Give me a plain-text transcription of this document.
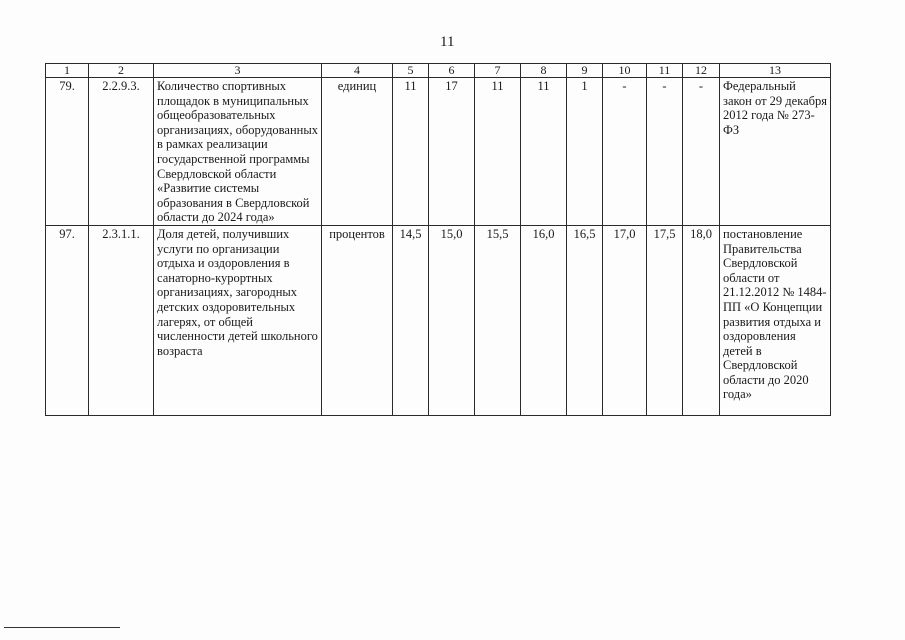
11
1	2	3	4	5	6	7	8	9	10	11	12	13
79.	2.2.9.3.	Количество спортивных площадок в муниципальных общеобразовательных организациях, оборудованных в рамках реализации государственной программы Свердловской области «Развитие системы образования в Свердловской области до 2024 года»	единиц	11	17	11	11	1	-	-	-	Федеральный закон от 29 декабря 2012 года № 273-ФЗ
97.	2.3.1.1.	Доля детей, получивших услуги по организации отдыха и оздоровления в санаторно-курортных организациях, загородных детских оздоровительных лагерях, от общей численности детей школьного возраста	процентов	14,5	15,0	15,5	16,0	16,5	17,0	17,5	18,0	постановление Правительства Свердловской области от 21.12.2012 № 1484-ПП «О Концепции развития отдыха и оздоровления детей в Свердловской области до 2020 года»
